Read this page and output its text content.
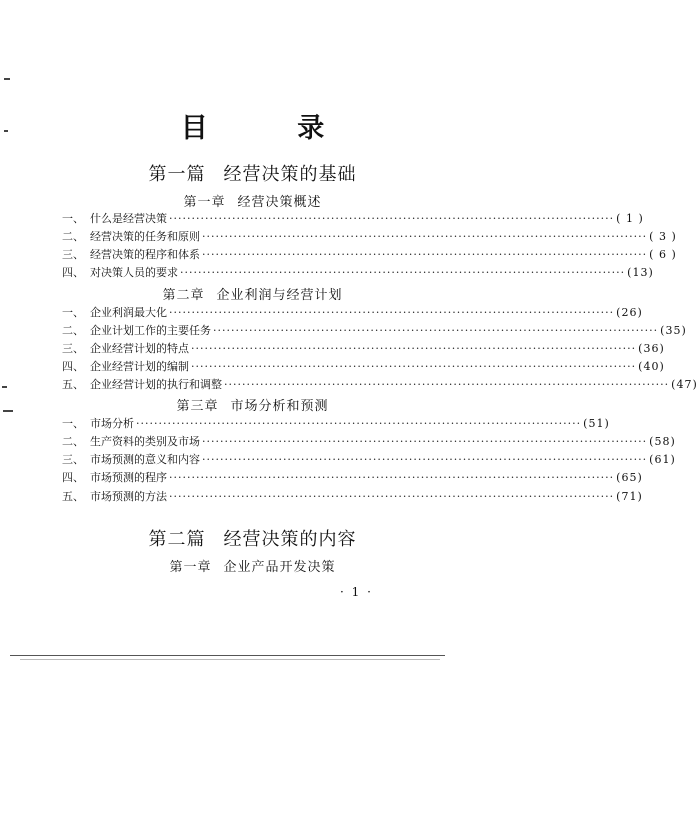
目 录
第一篇 经营决策的基础
第一章 经营决策概述
一、 什么是经营决策 ··································································································· ( 1 )
二、 经营决策的任务和原则 ··································································································· ( 3 )
三、 经营决策的程序和体系 ··································································································· ( 6 )
四、 对决策人员的要求 ··································································································· (13)
第二章 企业利润与经营计划
一、 企业利润最大化 ··································································································· (26)
二、 企业计划工作的主要任务 ··································································································· (35)
三、 企业经营计划的特点 ··································································································· (36)
四、 企业经营计划的编制 ··································································································· (40)
五、 企业经营计划的执行和调整 ··································································································· (47)
第三章 市场分析和预测
一、 市场分析 ··································································································· (51)
二、 生产资料的类别及市场 ··································································································· (58)
三、 市场预测的意义和内容 ··································································································· (61)
四、 市场预测的程序 ··································································································· (65)
五、 市场预测的方法 ··································································································· (71)
第二篇 经营决策的内容
第一章 企业产品开发决策
· 1 ·
